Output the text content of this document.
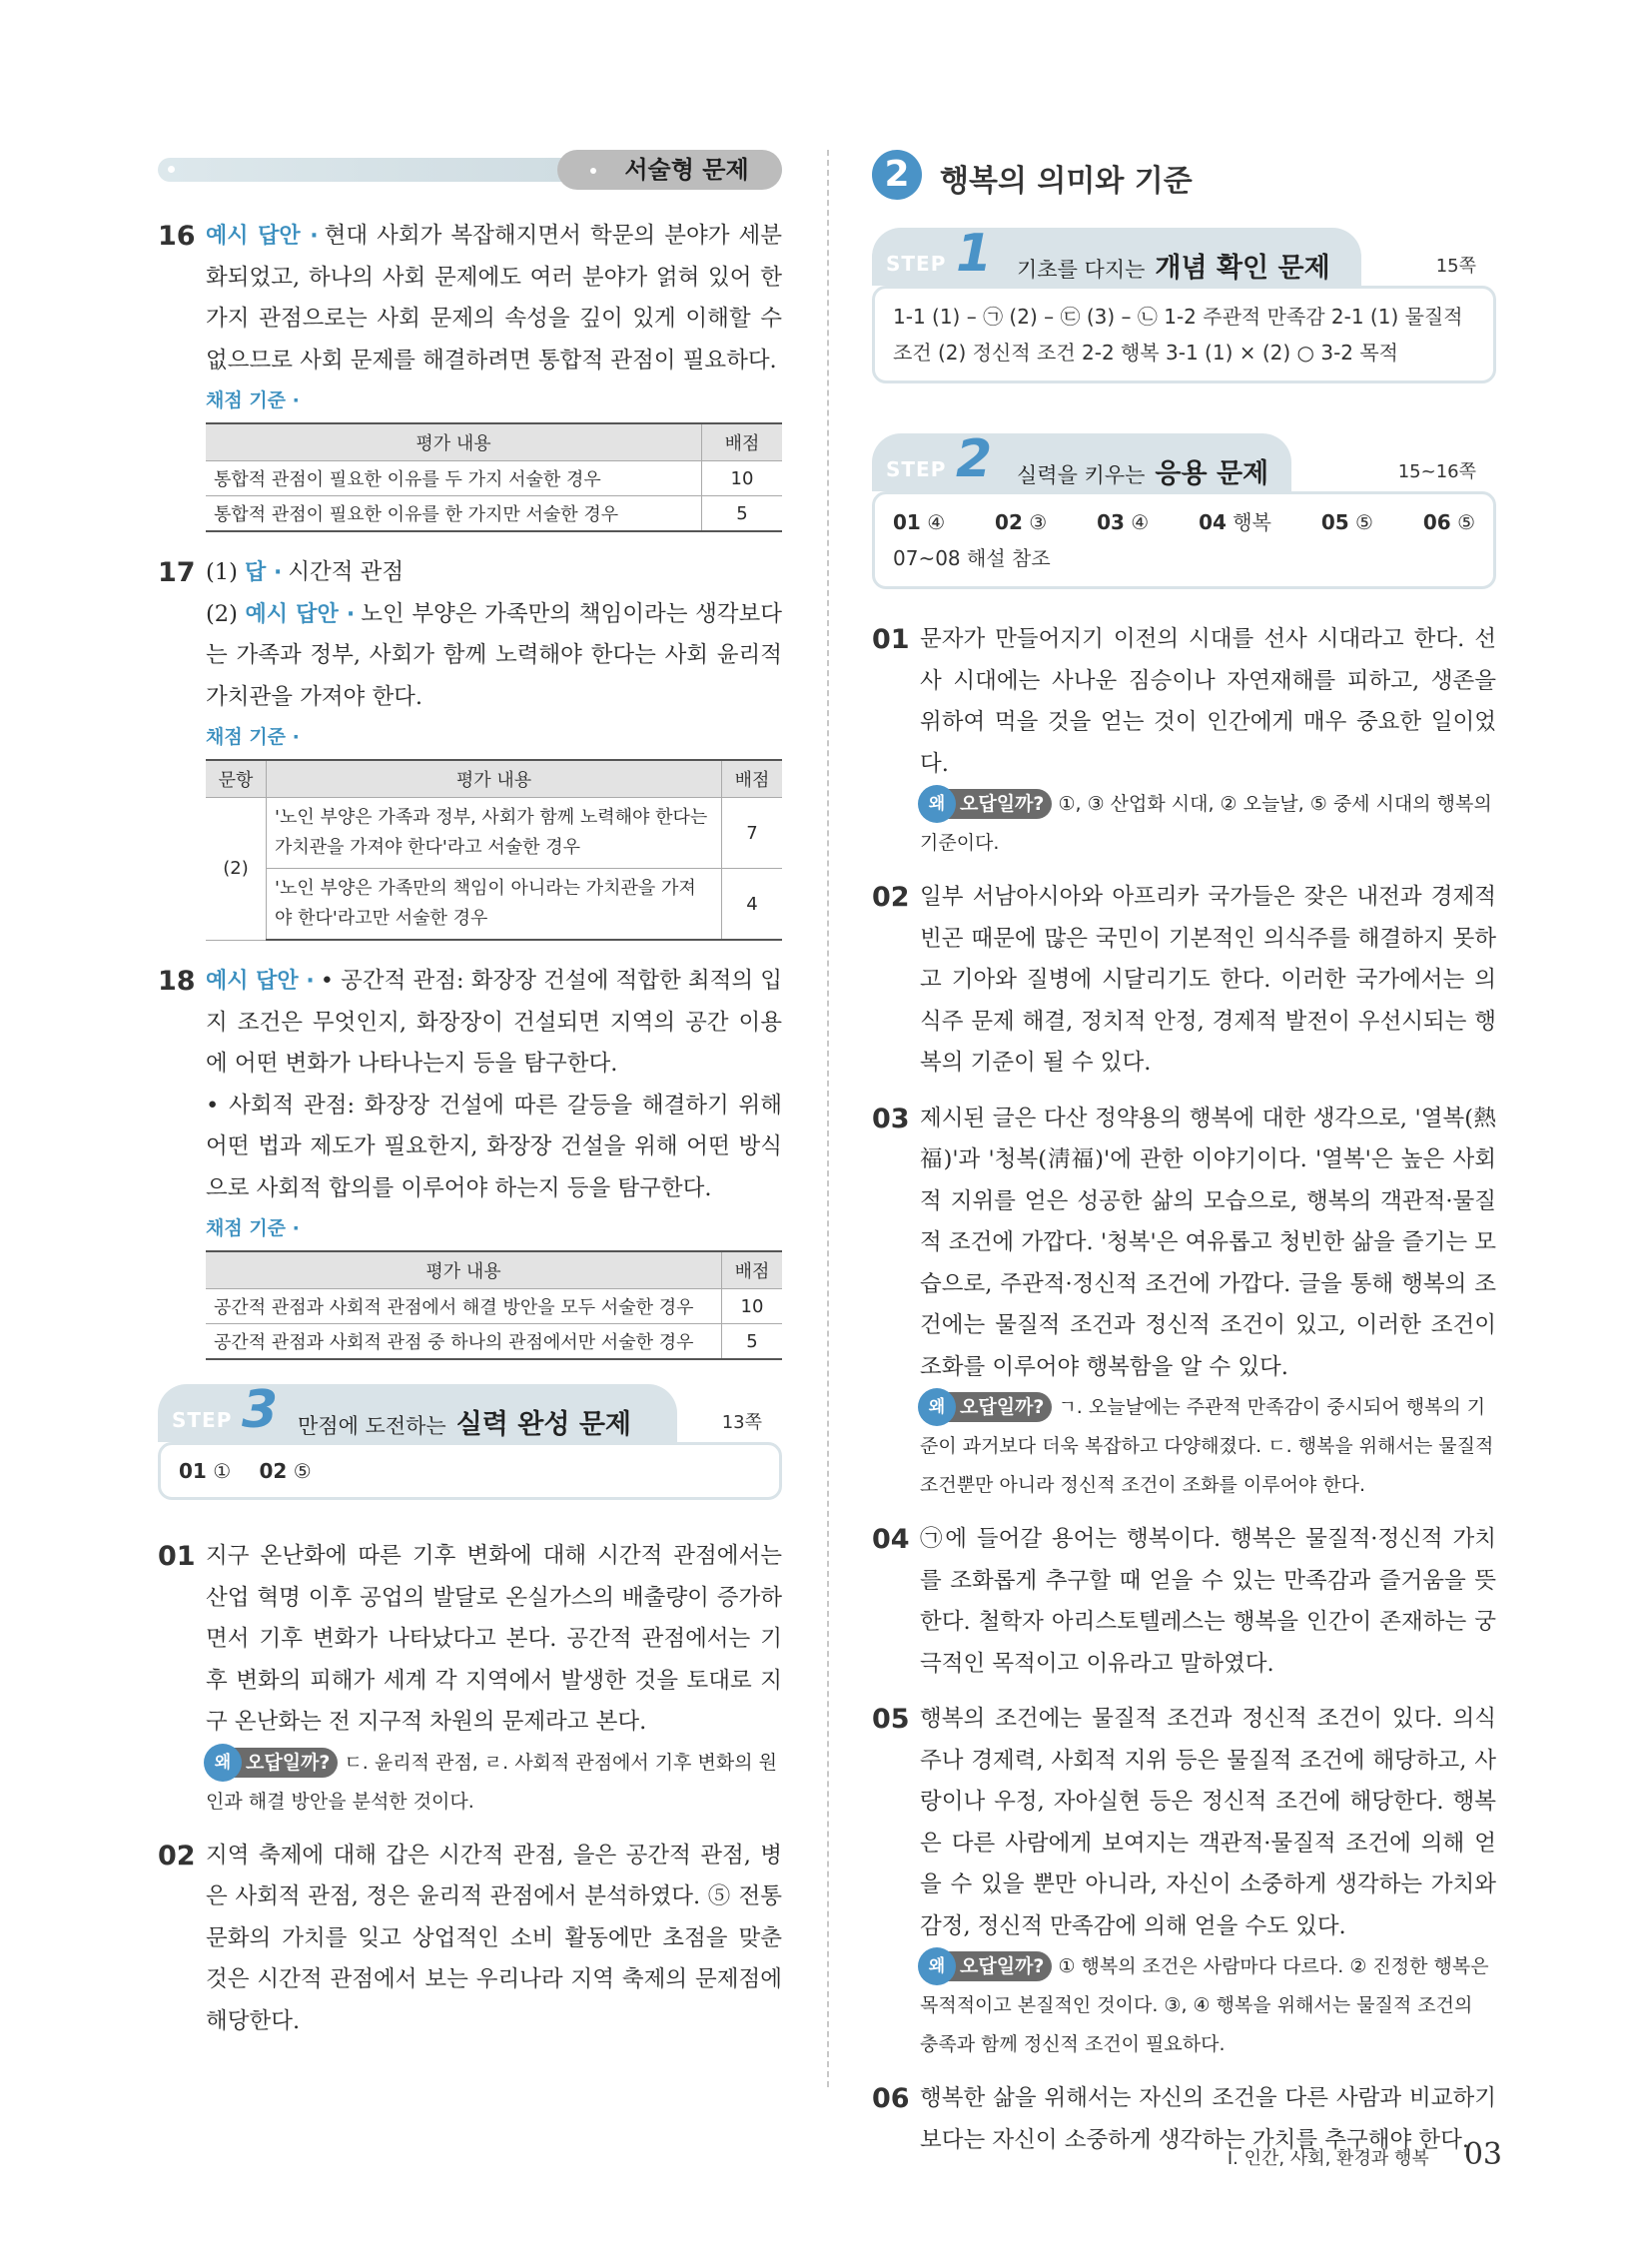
서술형 문제
16 예시 답안 · 현대 사회가 복잡해지면서 학문의 분야가 세분화되었고, 하나의 사회 문제에도 여러 분야가 얽혀 있어 한 가지 관점으로는 사회 문제의 속성을 깊이 있게 이해할 수 없으므로 사회 문제를 해결하려면 통합적 관점이 필요하다.

채점 기준 ·
평가 내용	배점
통합적 관점이 필요한 이유를 두 가지 서술한 경우	10
통합적 관점이 필요한 이유를 한 가지만 서술한 경우	5
17 (1) 답 · 시간적 관점

(2) 예시 답안 · 노인 부양은 가족만의 책임이라는 생각보다는 가족과 정부, 사회가 함께 노력해야 한다는 사회 윤리적 가치관을 가져야 한다.

채점 기준 ·
문항	평가 내용	배점
(2)	'노인 부양은 가족과 정부, 사회가 함께 노력해야 한다는 가치관을 가져야 한다'라고 서술한 경우	7
	'노인 부양은 가족만의 책임이 아니라는 가치관을 가져야 한다'라고만 서술한 경우	4
18 예시 답안 · • 공간적 관점: 화장장 건설에 적합한 최적의 입지 조건은 무엇인지, 화장장이 건설되면 지역의 공간 이용에 어떤 변화가 나타나는지 등을 탐구한다.

• 사회적 관점: 화장장 건설에 따른 갈등을 해결하기 위해 어떤 법과 제도가 필요한지, 화장장 건설을 위해 어떤 방식으로 사회적 합의를 이루어야 하는지 등을 탐구한다.

채점 기준 ·
평가 내용	배점
공간적 관점과 사회적 관점에서 해결 방안을 모두 서술한 경우	10
공간적 관점과 사회적 관점 중 하나의 관점에서만 서술한 경우	5
STEP 3 만점에 도전하는 실력 완성 문제	13쪽
01 ① 02 ⑤
01 지구 온난화에 따른 기후 변화에 대해 시간적 관점에서는 산업 혁명 이후 공업의 발달로 온실가스의 배출량이 증가하면서 기후 변화가 나타났다고 본다. 공간적 관점에서는 기후 변화의 피해가 세계 각 지역에서 발생한 것을 토대로 지구 온난화는 전 지구적 차원의 문제라고 본다.

왜 오답일까? ㄷ. 윤리적 관점, ㄹ. 사회적 관점에서 기후 변화의 원인과 해결 방안을 분석한 것이다.
02 지역 축제에 대해 갑은 시간적 관점, 을은 공간적 관점, 병은 사회적 관점, 정은 윤리적 관점에서 분석하였다. ⑤ 전통문화의 가치를 잊고 상업적인 소비 활동에만 초점을 맞춘 것은 시간적 관점에서 보는 우리나라 지역 축제의 문제점에 해당한다.

2	행복의 의미와 기준
STEP 1 기초를 다지는 개념 확인 문제	15쪽
1-1 (1) – ㉠ (2) – ㉢ (3) – ㉡ 1-2 주관적 만족감 2-1 (1) 물질적
조건 (2) 정신적 조건 2-2 행복 3-1 (1) × (2) ○ 3-2 목적
STEP 2 실력을 키우는 응용 문제	15~16쪽
01 ④ 02 ③ 03 ④ 04 행복 05 ⑤ 06 ⑤
07~08 해설 참조
01 문자가 만들어지기 이전의 시대를 선사 시대라고 한다. 선사 시대에는 사나운 짐승이나 자연재해를 피하고, 생존을 위하여 먹을 것을 얻는 것이 인간에게 매우 중요한 일이었다.

왜 오답일까? ①, ③ 산업화 시대, ② 오늘날, ⑤ 중세 시대의 행복의 기준이다.
02 일부 서남아시아와 아프리카 국가들은 잦은 내전과 경제적 빈곤 때문에 많은 국민이 기본적인 의식주를 해결하지 못하고 기아와 질병에 시달리기도 한다. 이러한 국가에서는 의식주 문제 해결, 정치적 안정, 경제적 발전이 우선시되는 행복의 기준이 될 수 있다.

03 제시된 글은 다산 정약용의 행복에 대한 생각으로, '열복(熱福)'과 '청복(淸福)'에 관한 이야기이다. '열복'은 높은 사회적 지위를 얻은 성공한 삶의 모습으로, 행복의 객관적·물질적 조건에 가깝다. '청복'은 여유롭고 청빈한 삶을 즐기는 모습으로, 주관적·정신적 조건에 가깝다. 글을 통해 행복의 조건에는 물질적 조건과 정신적 조건이 있고, 이러한 조건이 조화를 이루어야 행복함을 알 수 있다.

왜 오답일까? ㄱ. 오늘날에는 주관적 만족감이 중시되어 행복의 기준이 과거보다 더욱 복잡하고 다양해졌다. ㄷ. 행복을 위해서는 물질적 조건뿐만 아니라 정신적 조건이 조화를 이루어야 한다.
04 ㉠에 들어갈 용어는 행복이다. 행복은 물질적·정신적 가치를 조화롭게 추구할 때 얻을 수 있는 만족감과 즐거움을 뜻한다. 철학자 아리스토텔레스는 행복을 인간이 존재하는 궁극적인 목적이고 이유라고 말하였다.

05 행복의 조건에는 물질적 조건과 정신적 조건이 있다. 의식주나 경제력, 사회적 지위 등은 물질적 조건에 해당하고, 사랑이나 우정, 자아실현 등은 정신적 조건에 해당한다. 행복은 다른 사람에게 보여지는 객관적·물질적 조건에 의해 얻을 수 있을 뿐만 아니라, 자신이 소중하게 생각하는 가치와 감정, 정신적 만족감에 의해 얻을 수도 있다.

왜 오답일까? ① 행복의 조건은 사람마다 다르다. ② 진정한 행복은 목적적이고 본질적인 것이다. ③, ④ 행복을 위해서는 물질적 조건의 충족과 함께 정신적 조건이 필요하다.
06 행복한 삶을 위해서는 자신의 조건을 다른 사람과 비교하기보다는 자신이 소중하게 생각하는 가치를 추구해야 한다.

Ⅰ. 인간, 사회, 환경과 행복 03
